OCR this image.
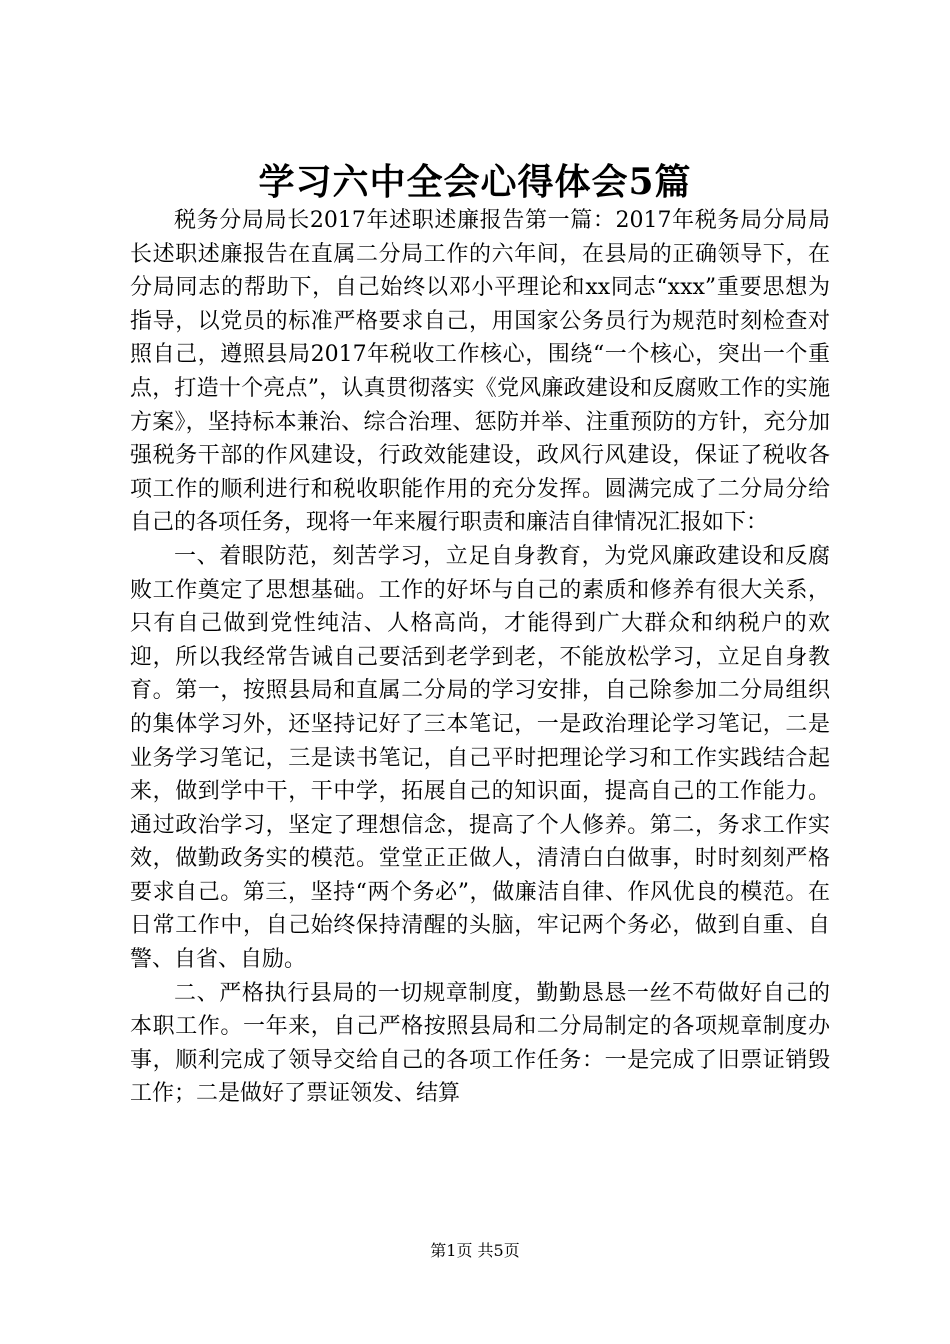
学习六中全会心得体会5篇

税务分局局长2017年述职述廉报告第一篇：2017年税务局分局局长述职述廉报告在直属二分局工作的六年间，在县局的正确领导下，在分局同志的帮助下，自己始终以邓小平理论和xx同志“xxx”重要思想为指导，以党员的标准严格要求自己，用国家公务员行为规范时刻检查对照自己，遵照县局2017年税收工作核心，围绕“一个核心，突出一个重点，打造十个亮点”，认真贯彻落实《党风廉政建设和反腐败工作的实施方案》，坚持标本兼治、综合治理、惩防并举、注重预防的方针，充分加强税务干部的作风建设，行政效能建设，政风行风建设，保证了税收各项工作的顺利进行和税收职能作用的充分发挥。圆满完成了二分局分给自己的各项任务，现将一年来履行职责和廉洁自律情况汇报如下：

一、着眼防范，刻苦学习，立足自身教育，为党风廉政建设和反腐败工作奠定了思想基础。工作的好坏与自己的素质和修养有很大关系，只有自己做到党性纯洁、人格高尚，才能得到广大群众和纳税户的欢迎，所以我经常告诫自己要活到老学到老，不能放松学习，立足自身教育。第一，按照县局和直属二分局的学习安排，自己除参加二分局组织的集体学习外，还坚持记好了三本笔记，一是政治理论学习笔记，二是业务学习笔记，三是读书笔记，自己平时把理论学习和工作实践结合起来，做到学中干，干中学，拓展自己的知识面，提高自己的工作能力。通过政治学习，坚定了理想信念，提高了个人修养。第二，务求工作实效，做勤政务实的模范。堂堂正正做人，清清白白做事，时时刻刻严格要求自己。第三，坚持“两个务必”，做廉洁自律、作风优良的模范。在日常工作中，自己始终保持清醒的头脑，牢记两个务必，做到自重、自警、自省、自励。

二、严格执行县局的一切规章制度，勤勤恳恳一丝不苟做好自己的本职工作。一年来，自己严格按照县局和二分局制定的各项规章制度办事，顺利完成了领导交给自己的各项工作任务：一是完成了旧票证销毁工作；二是做好了票证领发、结算

第1页 共5页
